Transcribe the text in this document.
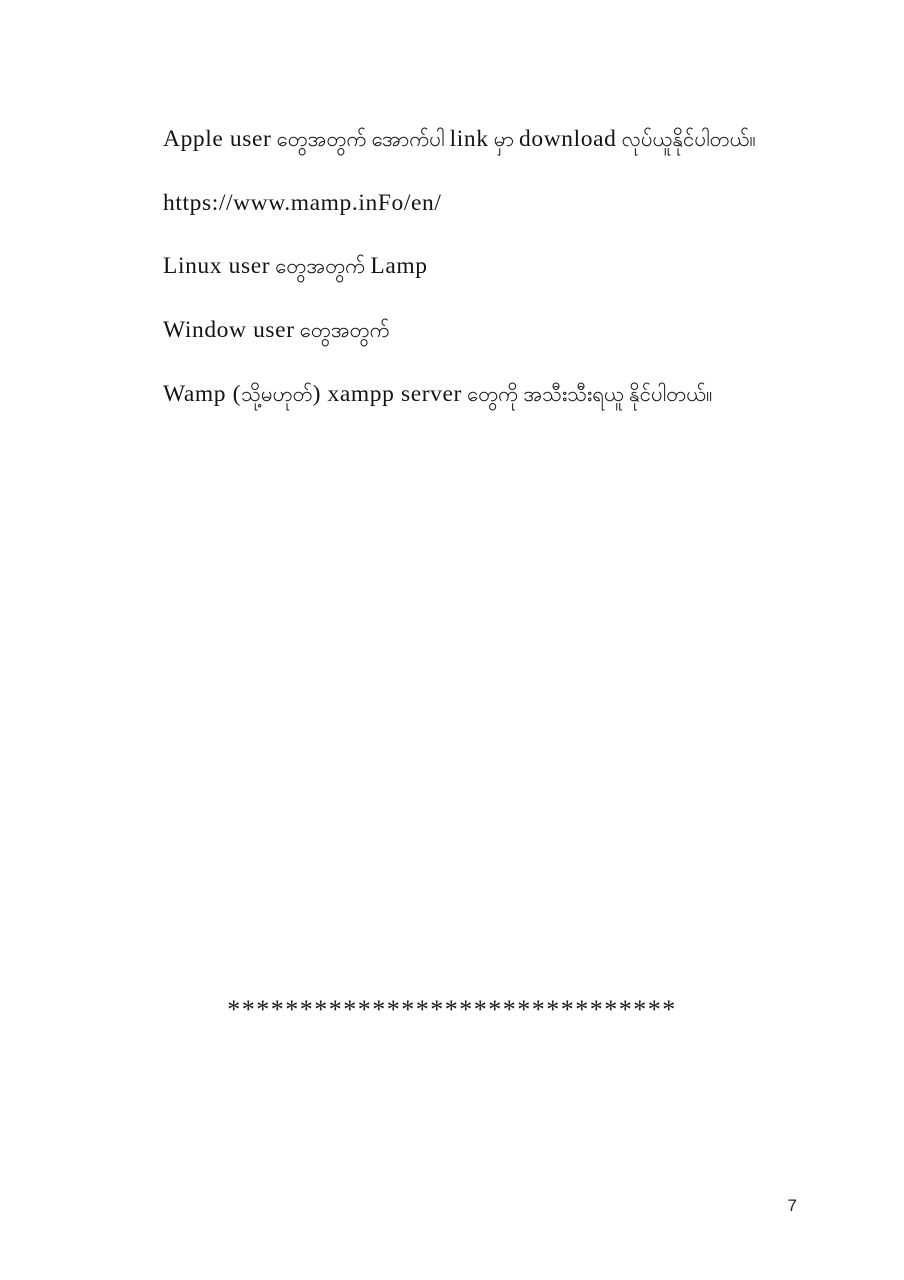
Apple user တွေအတွက် အောက်ပါ link မှာ download လုပ်ယူနိုင်ပါတယ်။

https://www.mamp.inFo/en/

Linux user တွေအတွက် Lamp

Window user တွေအတွက်

Wamp (သို့မဟုတ်) xampp server တွေကို အသီးသီးရယူ နိုင်ပါတယ်။

*******************************
7
